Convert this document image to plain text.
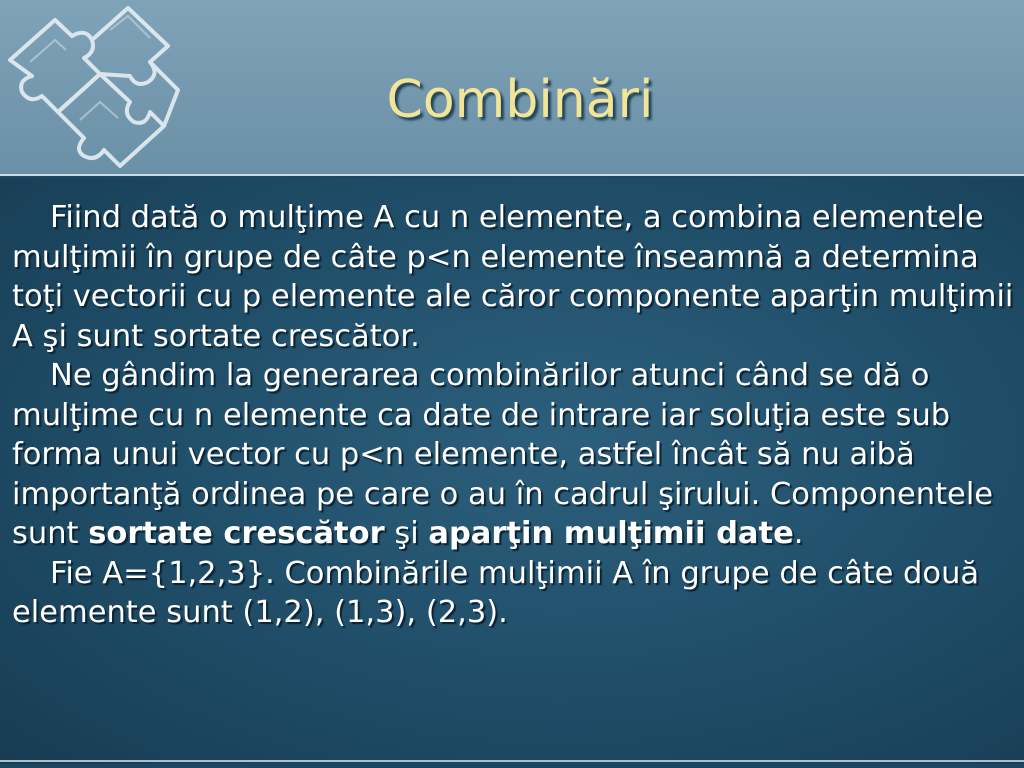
Combinări

Fiind dată o mulţime A cu n elemente, a combina elementele mulţimii în grupe de câte p<n elemente înseamnă a determina toţi vectorii cu p elemente ale căror componente aparţin mulţimii A şi sunt sortate crescător.

Ne gândim la generarea combinărilor atunci când se dă o mulţime cu n elemente ca date de intrare iar soluţia este sub forma unui vector cu p<n elemente, astfel încât să nu aibă importanţă ordinea pe care o au în cadrul şirului. Componentele sunt sortate crescător şi aparţin mulţimii date.

Fie A={1,2,3}. Combinările mulţimii A în grupe de câte două elemente sunt (1,2), (1,3), (2,3).
